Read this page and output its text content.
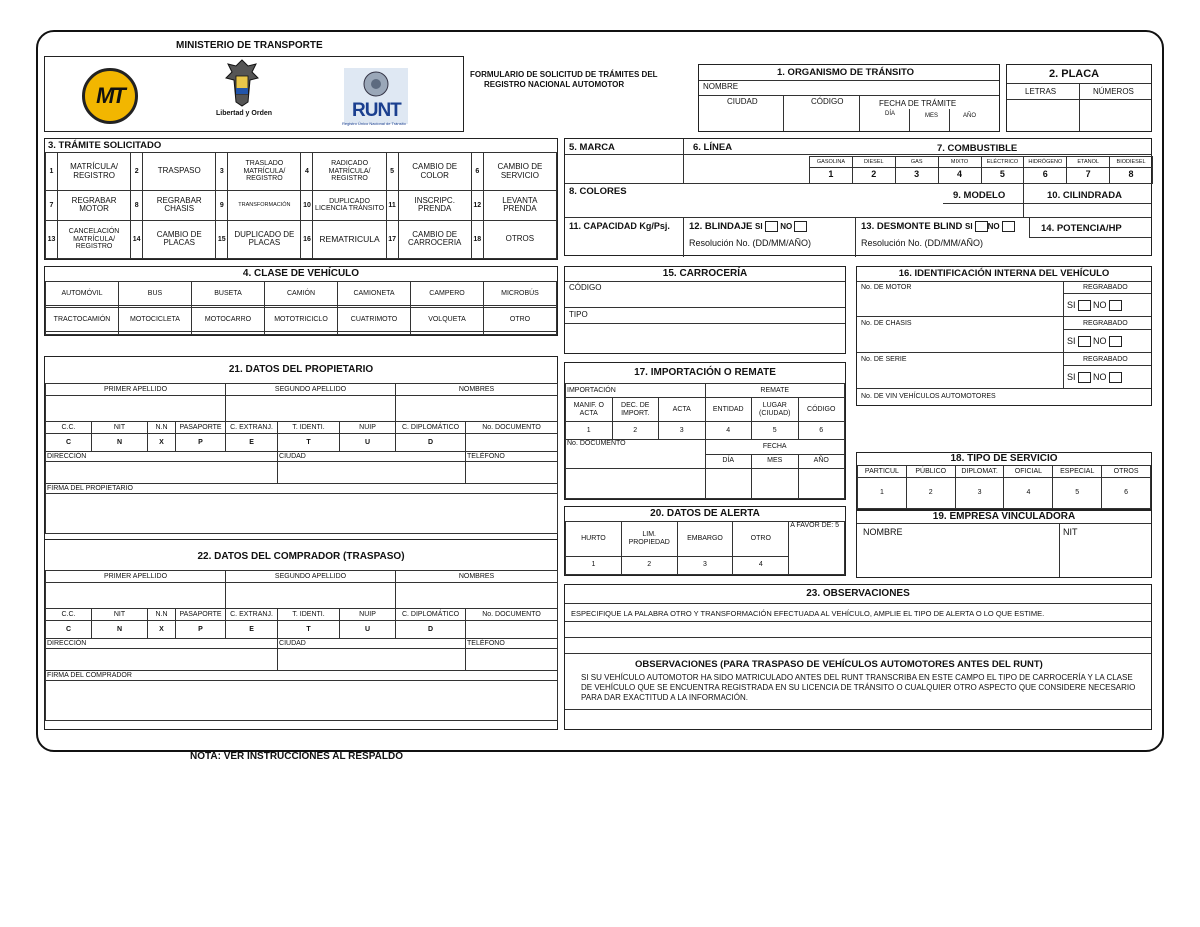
MINISTERIO DE TRANSPORTE
MT
Libertad y Orden	RUNT
Registro Único Nacional de Tránsito
FORMULARIO DE SOLICITUD DE TRÁMITES DEL
REGISTRO NACIONAL AUTOMOTOR
1. ORGANISMO DE TRÁNSITO
NOMBRE
CIUDAD	CÓDIGO	FECHA DE TRÁMITE
DÍA	MES	AÑO
2. PLACA
LETRAS	NÚMEROS
3. TRÁMITE SOLICITADO
1	MATRÍCULA/ REGISTRO	2	TRASPASO	3	TRASLADO MATRÍCULA/ REGISTRO	4	RADICADO MATRÍCULA/ REGISTRO	5	CAMBIO DE COLOR	6	CAMBIO DE SERVICIO
7	REGRABAR MOTOR	8	REGRABAR CHASIS	9	TRANSFORMACIÓN	10	DUPLICADO LICENCIA TRÁNSITO	11	INSCRIPC. PRENDA	12	LEVANTA PRENDA
13	CANCELACIÓN MATRÍCULA/ REGISTRO	14	CAMBIO DE PLACAS	15	DUPLICADO DE PLACAS	16	REMATRICULA	17	CAMBIO DE CARROCERIA	18	OTROS
5. MARCA	6. LÍNEA	7. COMBUSTIBLE
GASOLINA	DIESEL	GAS	MIXTO	ELÉCTRICO	HIDRÓGENO	ETANOL	BIODIESEL
1	2	3	4	5	6	7	8
8. COLORES	9. MODELO	10. CILINDRADA
11. CAPACIDAD Kg/Psj. 12. BLINDAJE SI NO
Resolución No. (DD/MM/AÑO)
13. DESMONTE BLIND SI NO
Resolución No. (DD/MM/AÑO)
14. POTENCIA/HP
4. CLASE DE VEHÍCULO
AUTOMÓVIL	BUS	BUSETA	CAMIÓN	CAMIONETA	CAMPERO	MICROBÚS

TRACTOCAMIÓN	MOTOCICLETA	MOTOCARRO	MOTOTRICICLO	CUATRIMOTO	VOLQUETA	OTRO

15. CARROCERÍA
CÓDIGO
TIPO
16. IDENTIFICACIÓN INTERNA DEL VEHÍCULO
No. DE MOTOR	REGRABADO
SI NO
No. DE CHASIS	REGRABADO
SI NO
No. DE SERIE	REGRABADO
SI NO
No. DE VIN VEHÍCULOS AUTOMOTORES
21. DATOS DEL PROPIETARIO
PRIMER APELLIDO				SEGUNDO APELLIDO			NOMBRES	

C.C.	NIT	N.N	PASAPORTE	C. EXTRANJ.	T. IDENTI.	NUIP	C. DIPLOMÁTICO	No. DOCUMENTO
C	N	X	P	E	T	U	D	
DIRECCIÓN					CIUDAD			TELÉFONO

FIRMA DEL PROPIETARIO								

17. IMPORTACIÓN O REMATE
IMPORTACIÓN			REMATE		
MANIF. O ACTA	DEC. DE IMPORT.	ACTA	ENTIDAD	LUGAR (CIUDAD)	CÓDIGO
1	2	3	4	5	6
No. DOCUMENTO			FECHA		
			DÍA	MES	AÑO
				18. TIPO DE SERVICIO
PARTICUL	PÚBLICO	DIPLOMAT.	OFICIAL	ESPECIAL	OTROS
1	2	3	4	5	6
20. DATOS DE ALERTA
HURTO	LIM. PROPIEDAD	EMBARGO	OTRO	A FAVOR DE: 5
1	2	3	4	
19. EMPRESA VINCULADORA
NOMBRE	NIT
22. DATOS DEL COMPRADOR (TRASPASO)
PRIMER APELLIDO				SEGUNDO APELLIDO			NOMBRES	

C.C.	NIT	N.N	PASAPORTE	C. EXTRANJ.	T. IDENTI.	NUIP	C. DIPLOMÁTICO	No. DOCUMENTO
C	N	X	P	E	T	U	D	
DIRECCIÓN					CIUDAD			TELÉFONO

FIRMA DEL COMPRADOR								

23. OBSERVACIONES
ESPECIFIQUE LA PALABRA OTRO Y TRANSFORMACIÓN EFECTUADA AL VEHÍCULO, AMPLIE EL TIPO DE ALERTA O LO QUE ESTIME.
OBSERVACIONES (PARA TRASPASO DE VEHÍCULOS AUTOMOTORES ANTES DEL RUNT)
SI SU VEHÍCULO AUTOMOTOR HA SIDO MATRICULADO ANTES DEL RUNT TRANSCRIBA EN ESTE CAMPO EL TIPO DE CARROCERÍA Y LA CLASE DE VEHÍCULO QUE SE ENCUENTRA REGISTRADA EN SU LICENCIA DE TRÁNSITO O CUALQUIER OTRO ASPECTO QUE CONSIDERE NECESARIO PARA DAR EXACTITUD A LA INFORMACIÓN.
NOTA: VER INSTRUCCIONES AL RESPALDO
